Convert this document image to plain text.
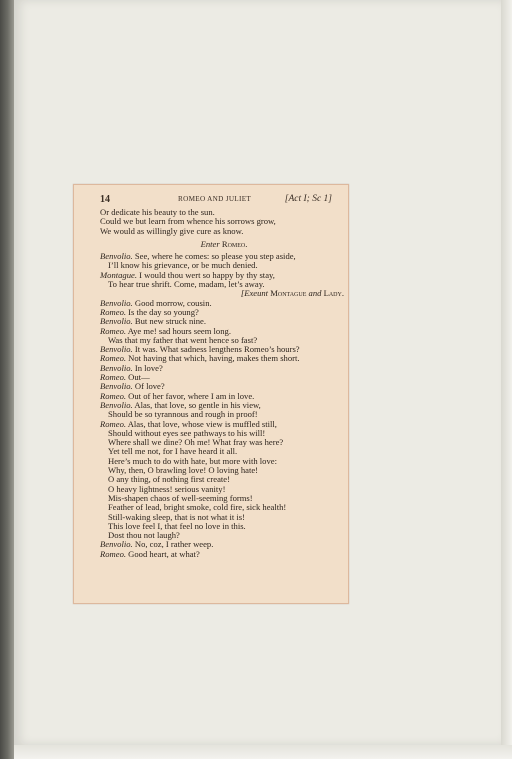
14	ROMEO AND JULIET	[Act I; Sc 1]
Or dedicate his beauty to the sun.
Could we but learn from whence his sorrows grow,
We would as willingly give cure as know.
Enter Romeo.
Benvolio. See, where he comes: so please you step aside,
I’ll know his grievance, or be much denied.
Montague. I would thou wert so happy by thy stay,
To hear true shrift. Come, madam, let’s away.
[Exeunt Montague and Lady.
Benvolio. Good morrow, cousin.
Romeo. Is the day so young?
Benvolio. But new struck nine.
Romeo. Aye me! sad hours seem long.
Was that my father that went hence so fast?
Benvolio. It was. What sadness lengthens Romeo’s hours?
Romeo. Not having that which, having, makes them short.
Benvolio. In love?
Romeo. Out—
Benvolio. Of love?
Romeo. Out of her favor, where I am in love.
Benvolio. Alas, that love, so gentle in his view,
Should be so tyrannous and rough in proof!
Romeo. Alas, that love, whose view is muffled still,
Should without eyes see pathways to his will!
Where shall we dine? Oh me! What fray was here?
Yet tell me not, for I have heard it all.
Here’s much to do with hate, but more with love:
Why, then, O brawling love! O loving hate!
O any thing, of nothing first create!
O heavy lightness! serious vanity!
Mis-shapen chaos of well-seeming forms!
Feather of lead, bright smoke, cold fire, sick health!
Still-waking sleep, that is not what it is!
This love feel I, that feel no love in this.
Dost thou not laugh?
Benvolio. No, coz, I rather weep.
Romeo. Good heart, at what?
